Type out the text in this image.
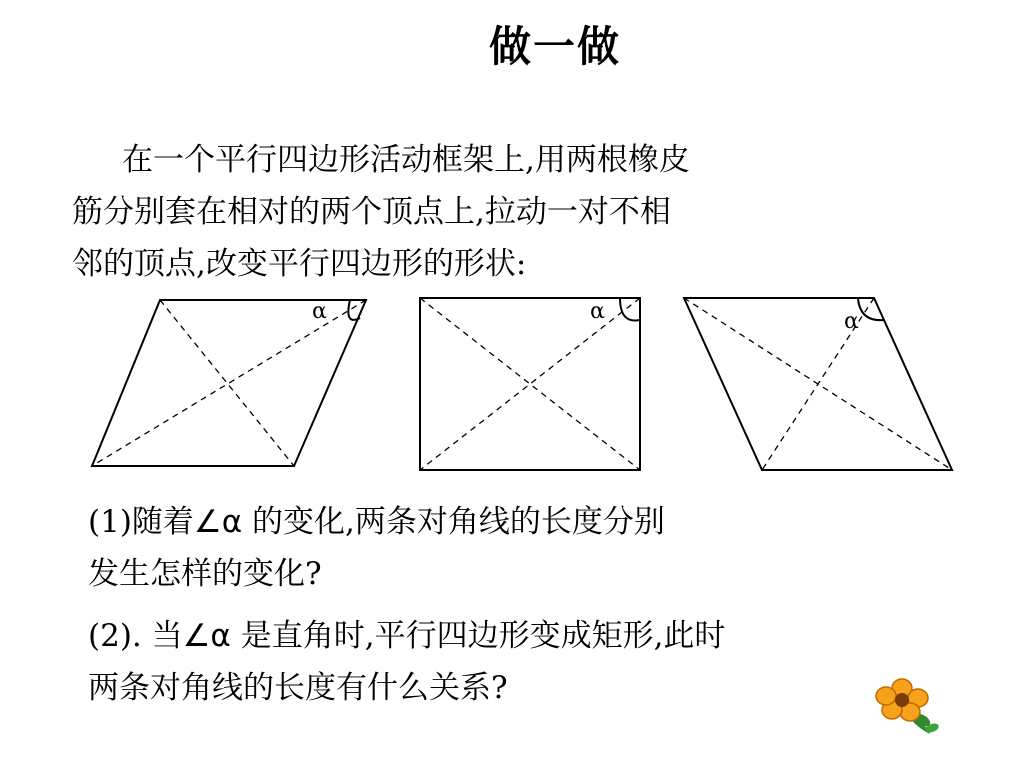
做一做

在一个平行四边形活动框架上,用两根橡皮

筋分别套在相对的两个顶点上,拉动一对不相

邻的顶点,改变平行四边形的形状:

α	α	α

(1)随着∠α 的变化,两条对角线的长度分别

发生怎样的变化?

(2). 当∠α 是直角时,平行四边形变成矩形,此时

两条对角线的长度有什么关系?
